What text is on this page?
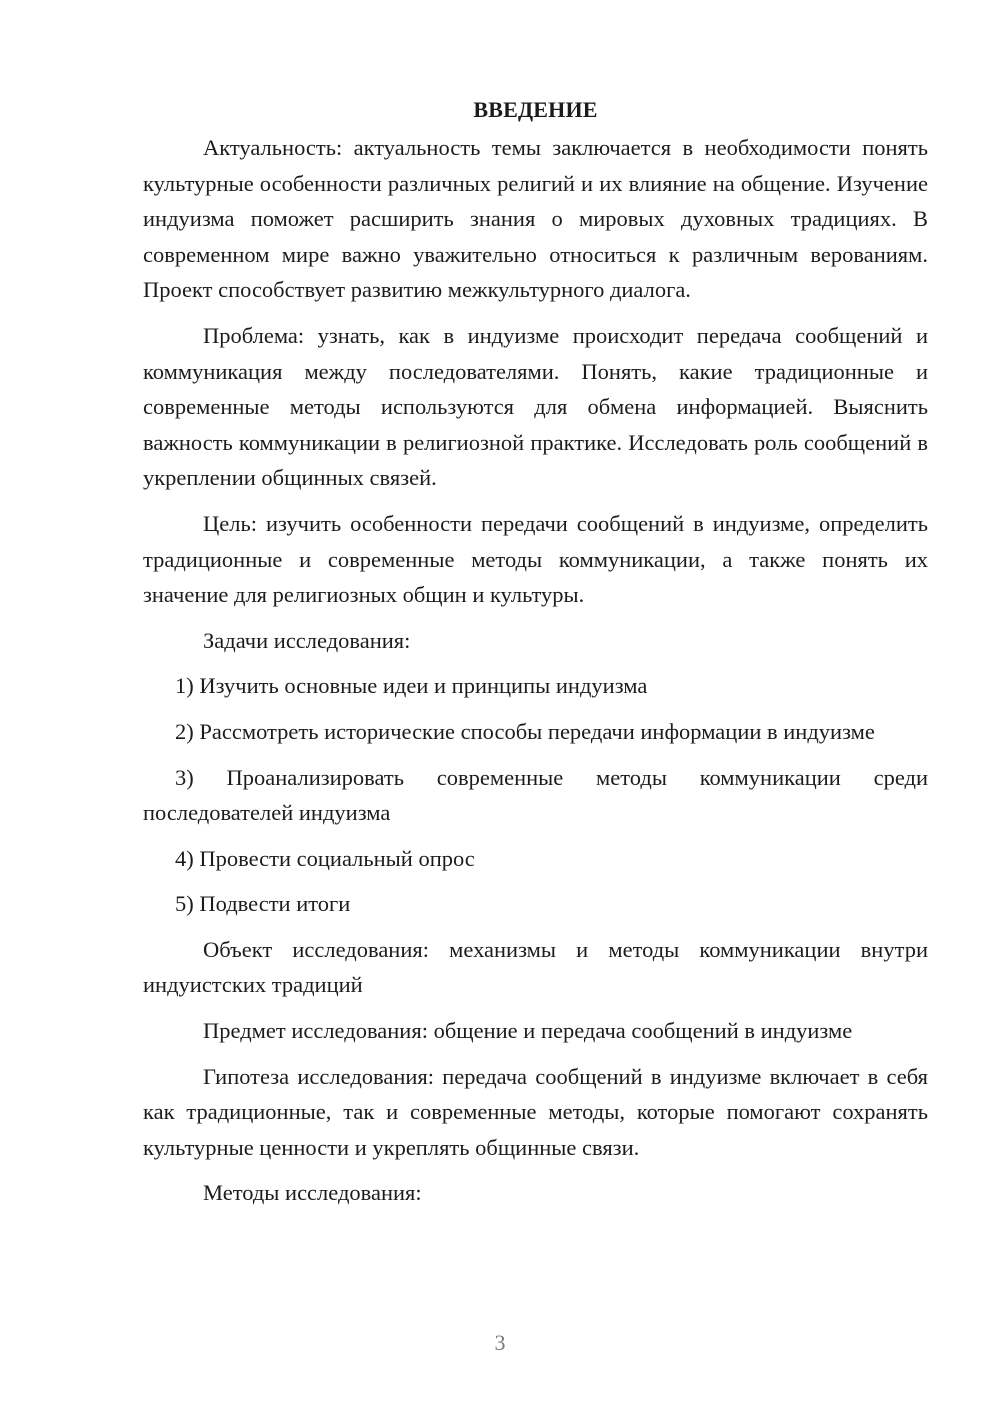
ВВЕДЕНИЕ

Актуальность: актуальность темы заключается в необходимости понять культурные особенности различных религий и их влияние на общение. Изучение индуизма поможет расширить знания о мировых духовных традициях. В современном мире важно уважительно относиться к различным верованиям. Проект способствует развитию межкультурного диалога.

Проблема: узнать, как в индуизме происходит передача сообщений и коммуникация между последователями. Понять, какие традиционные и современные методы используются для обмена информацией. Выяснить важность коммуникации в религиозной практике. Исследовать роль сообщений в укреплении общинных связей.

Цель: изучить особенности передачи сообщений в индуизме, определить традиционные и современные методы коммуникации, а также понять их значение для религиозных общин и культуры.

Задачи исследования:

1) Изучить основные идеи и принципы индуизма

2) Рассмотреть исторические способы передачи информации в индуизме

3) Проанализировать современные методы коммуникации среди последователей индуизма

4) Провести социальный опрос

5) Подвести итоги

Объект исследования: механизмы и методы коммуникации внутри индуистских традиций

Предмет исследования: общение и передача сообщений в индуизме

Гипотеза исследования: передача сообщений в индуизме включает в себя как традиционные, так и современные методы, которые помогают сохранять культурные ценности и укреплять общинные связи.

Методы исследования:

3
